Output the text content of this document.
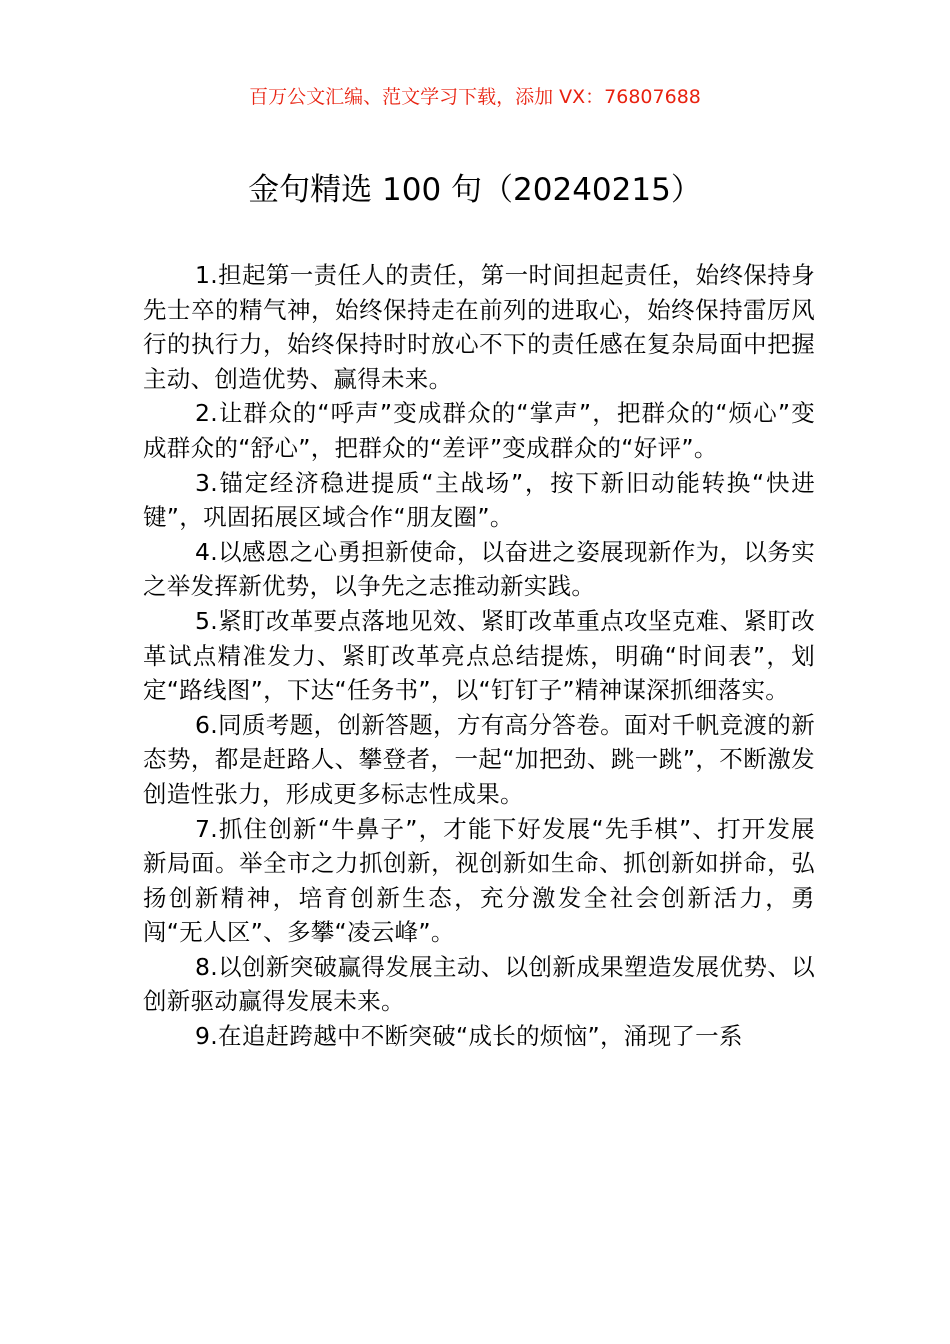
百万公文汇编、范文学习下载，添加 VX：76807688
金句精选 100 句（20240215）

1.担起第一责任人的责任，第一时间担起责任，始终保持身先士卒的精气神，始终保持走在前列的进取心，始终保持雷厉风行的执行力，始终保持时时放心不下的责任感在复杂局面中把握主动、创造优势、赢得未来。

2.让群众的“呼声”变成群众的“掌声”，把群众的“烦心”变成群众的“舒心”，把群众的“差评”变成群众的“好评”。

3.锚定经济稳进提质“主战场”，按下新旧动能转换“快进键”，巩固拓展区域合作“朋友圈”。

4.以感恩之心勇担新使命，以奋进之姿展现新作为，以务实之举发挥新优势，以争先之志推动新实践。

5.紧盯改革要点落地见效、紧盯改革重点攻坚克难、紧盯改革试点精准发力、紧盯改革亮点总结提炼，明确“时间表”，划定“路线图”，下达“任务书”，以“钉钉子”精神谋深抓细落实。

6.同质考题，创新答题，方有高分答卷。面对千帆竞渡的新态势，都是赶路人、攀登者，一起“加把劲、跳一跳”，不断激发创造性张力，形成更多标志性成果。

7.抓住创新“牛鼻子”，才能下好发展“先手棋”、打开发展新局面。举全市之力抓创新，视创新如生命、抓创新如拼命，弘扬创新精神，培育创新生态，充分激发全社会创新活力，勇闯“无人区”、多攀“凌云峰”。

8.以创新突破赢得发展主动、以创新成果塑造发展优势、以创新驱动赢得发展未来。

9.在追赶跨越中不断突破“成长的烦恼”，涌现了一系
